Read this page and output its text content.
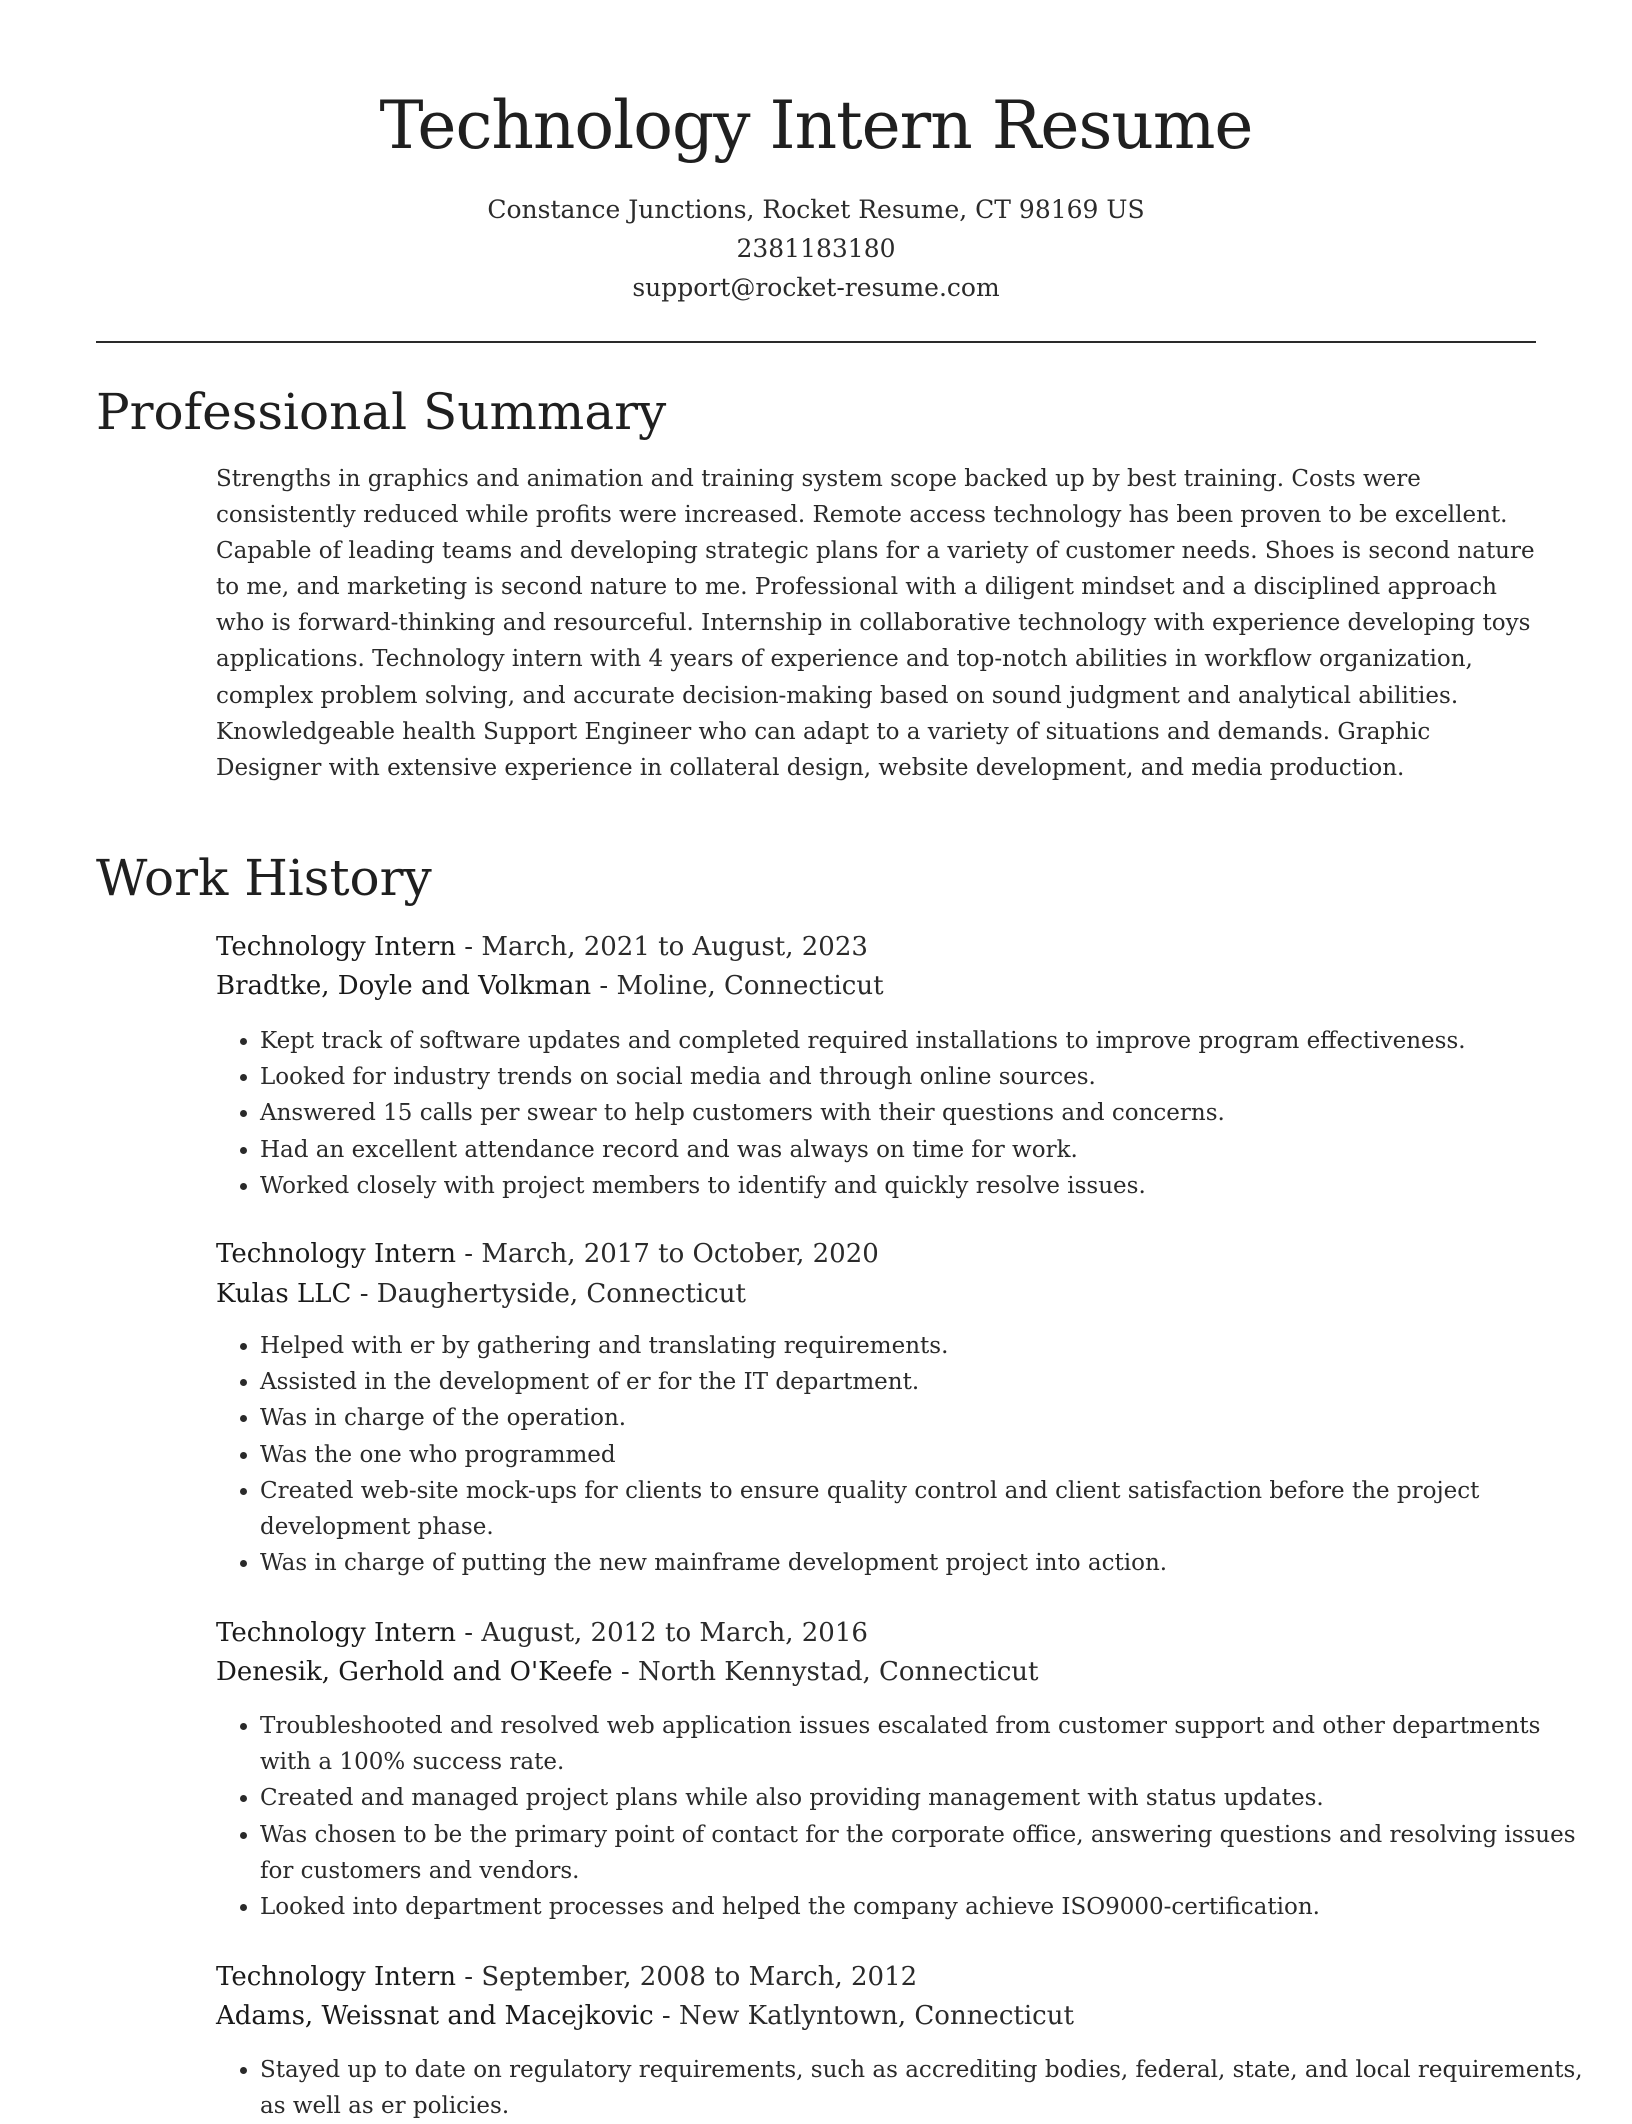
Technology Intern Resume
Constance Junctions, Rocket Resume, CT 98169 US
2381183180
support@rocket-resume.com
Professional Summary

Strengths in graphics and animation and training system scope backed up by best training. Costs were consistently reduced while profits were increased. Remote access technology has been proven to be excellent. Capable of leading teams and developing strategic plans for a variety of customer needs. Shoes is second nature to me, and marketing is second nature to me. Professional with a diligent mindset and a disciplined approach who is forward-thinking and resourceful. Internship in collaborative technology with experience developing toys applications. Technology intern with 4 years of experience and top-notch abilities in workflow organization, complex problem solving, and accurate decision-making based on sound judgment and analytical abilities. Knowledgeable health Support Engineer who can adapt to a variety of situations and demands. Graphic Designer with extensive experience in collateral design, website development, and media production.

Work History
Technology Intern - March, 2021 to August, 2023
Bradtke, Doyle and Volkman - Moline, Connecticut
• Kept track of software updates and completed required installations to improve program effectiveness.
• Looked for industry trends on social media and through online sources.
• Answered 15 calls per swear to help customers with their questions and concerns.
• Had an excellent attendance record and was always on time for work.
• Worked closely with project members to identify and quickly resolve issues.
Technology Intern - March, 2017 to October, 2020
Kulas LLC - Daughertyside, Connecticut
• Helped with er by gathering and translating requirements.
• Assisted in the development of er for the IT department.
• Was in charge of the operation.
• Was the one who programmed
• Created web-site mock-ups for clients to ensure quality control and client satisfaction before the project development phase.
• Was in charge of putting the new mainframe development project into action.
Technology Intern - August, 2012 to March, 2016
Denesik, Gerhold and O'Keefe - North Kennystad, Connecticut
• Troubleshooted and resolved web application issues escalated from customer support and other departments with a 100% success rate.
• Created and managed project plans while also providing management with status updates.
• Was chosen to be the primary point of contact for the corporate office, answering questions and resolving issues for customers and vendors.
• Looked into department processes and helped the company achieve ISO9000-certification.
Technology Intern - September, 2008 to March, 2012
Adams, Weissnat and Macejkovic - New Katlyntown, Connecticut
• Stayed up to date on regulatory requirements, such as accrediting bodies, federal, state, and local requirements, as well as er policies.
